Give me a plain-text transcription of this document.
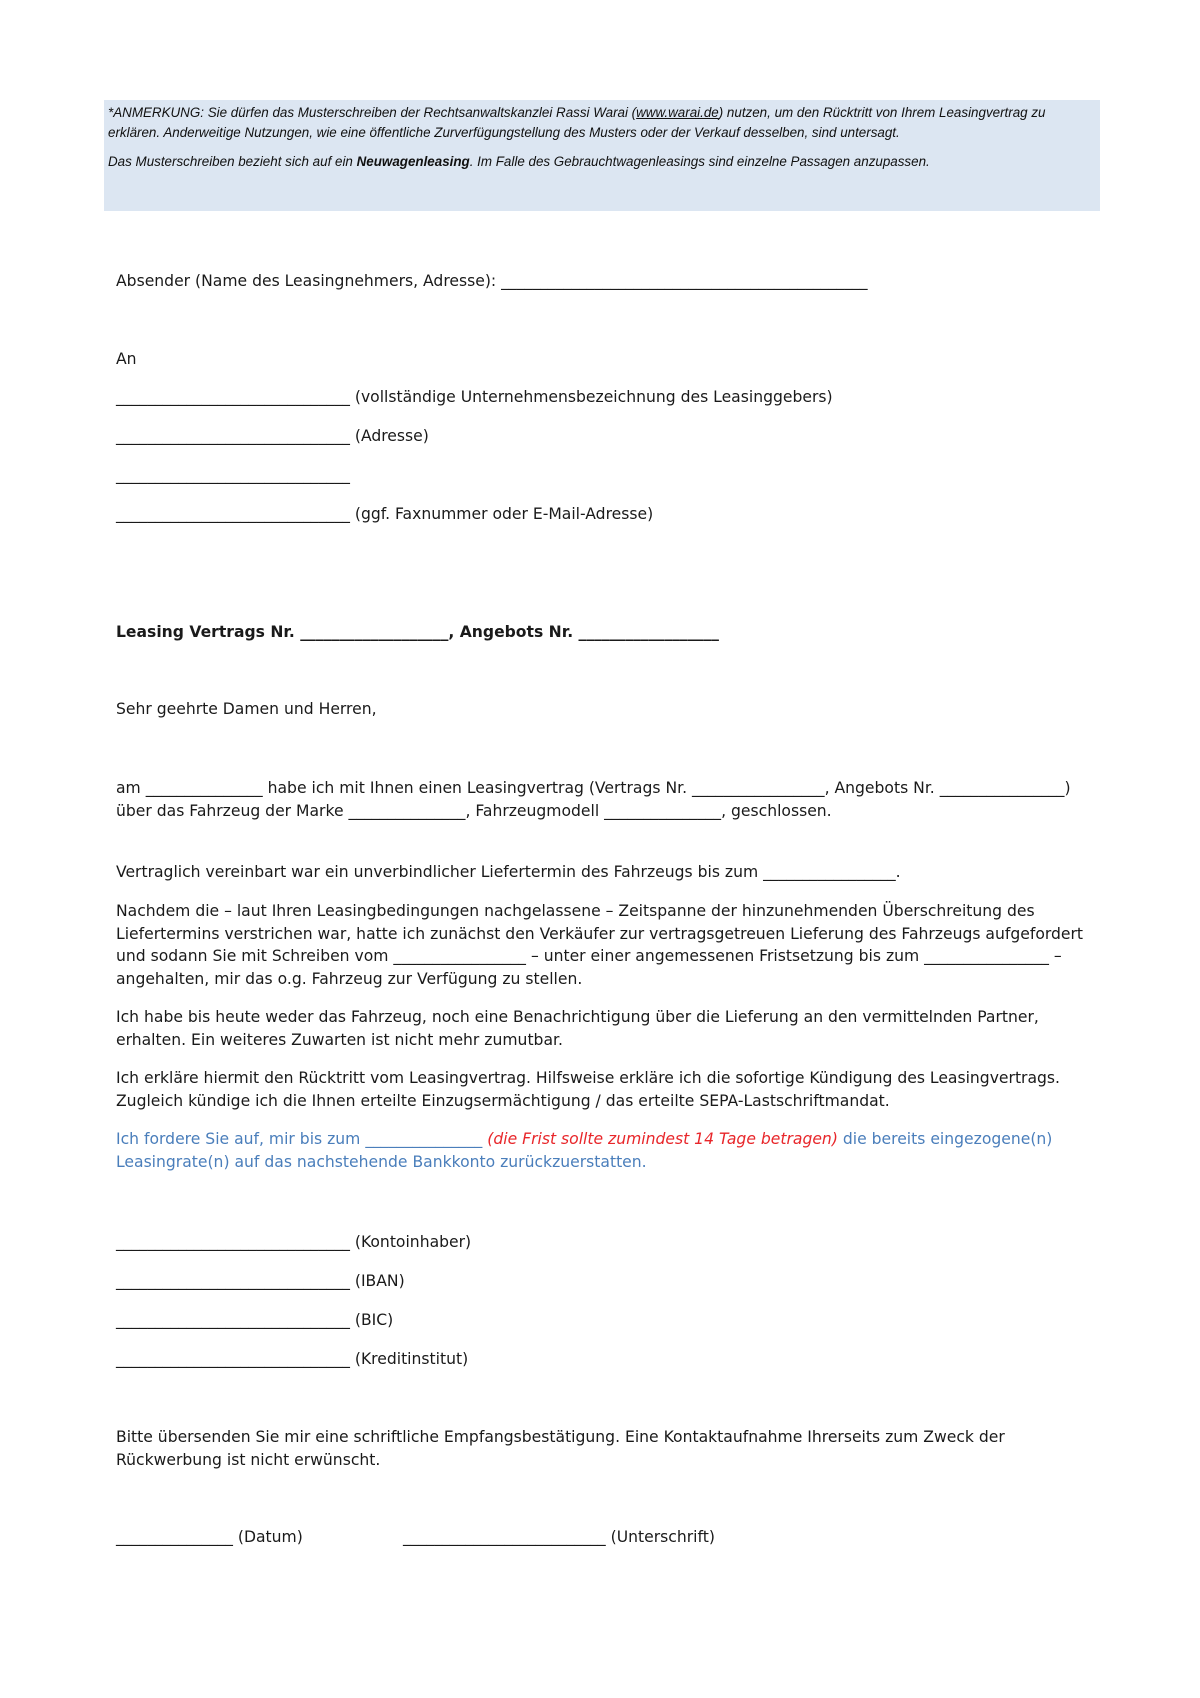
*ANMERKUNG: Sie dürfen das Musterschreiben der Rechtsanwaltskanzlei Rassi Warai (www.warai.de) nutzen, um den Rücktritt von Ihrem Leasingvertrag zu erklären. Anderweitige Nutzungen, wie eine öffentliche Zurverfügungstellung des Musters oder der Verkauf desselben, sind untersagt.

Das Musterschreiben bezieht sich auf ein Neuwagenleasing. Im Falle des Gebrauchtwagenleasings sind einzelne Passagen anzupassen.

Absender (Name des Leasingnehmers, Adresse): _______________________________________________
An
______________________________ (vollständige Unternehmensbezeichnung des Leasinggebers)
______________________________ (Adresse)
______________________________
______________________________ (ggf. Faxnummer oder E-Mail-Adresse)
Leasing Vertrags Nr. ___________________, Angebots Nr. __________________
Sehr geehrte Damen und Herren,

am _______________ habe ich mit Ihnen einen Leasingvertrag (Vertrags Nr. _________________, Angebots Nr. ________________) über das Fahrzeug der Marke _______________, Fahrzeugmodell _______________, geschlossen.

Vertraglich vereinbart war ein unverbindlicher Liefertermin des Fahrzeugs bis zum _________________.

Nachdem die – laut Ihren Leasingbedingungen nachgelassene – Zeitspanne der hinzunehmenden Überschreitung des Liefertermins verstrichen war, hatte ich zunächst den Verkäufer zur vertragsgetreuen Lieferung des Fahrzeugs aufgefordert und sodann Sie mit Schreiben vom _________________ – unter einer angemessenen Fristsetzung bis zum ________________ – angehalten, mir das o.g. Fahrzeug zur Verfügung zu stellen.

Ich habe bis heute weder das Fahrzeug, noch eine Benachrichtigung über die Lieferung an den vermittelnden Partner, erhalten. Ein weiteres Zuwarten ist nicht mehr zumutbar.

Ich erkläre hiermit den Rücktritt vom Leasingvertrag. Hilfsweise erkläre ich die sofortige Kündigung des Leasingvertrags. Zugleich kündige ich die Ihnen erteilte Einzugsermächtigung / das erteilte SEPA-Lastschriftmandat.

Ich fordere Sie auf, mir bis zum _______________ (die Frist sollte zumindest 14 Tage betragen) die bereits eingezogene(n) Leasingrate(n) auf das nachstehende Bankkonto zurückzuerstatten.

______________________________ (Kontoinhaber)
______________________________ (IBAN)
______________________________ (BIC)
______________________________ (Kreditinstitut)

Bitte übersenden Sie mir eine schriftliche Empfangsbestätigung. Eine Kontaktaufnahme Ihrerseits zum Zweck der Rückwerbung ist nicht erwünscht.

_______________ (Datum)	__________________________ (Unterschrift)
